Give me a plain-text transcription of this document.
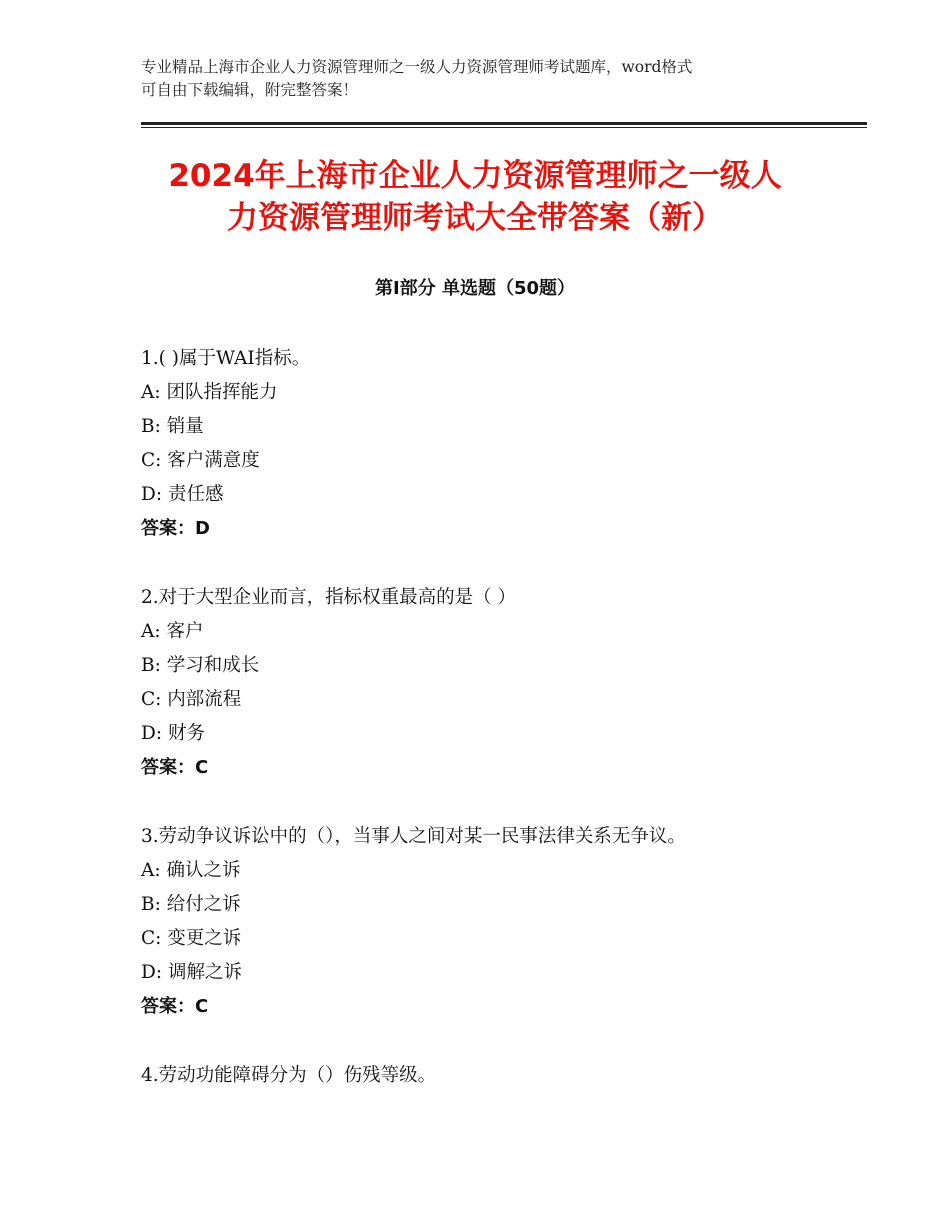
专业精品上海市企业人力资源管理师之一级人力资源管理师考试题库，word格式
可自由下载编辑，附完整答案！
2024年上海市企业人力资源管理师之一级人
力资源管理师考试大全带答案（新）
第Ⅰ部分 单选题（50题）
1.( )属于WAI指标。
A: 团队指挥能力
B: 销量
C: 客户满意度
D: 责任感
答案：D
2.对于大型企业而言，指标权重最高的是（ ）
A: 客户
B: 学习和成长
C: 内部流程
D: 财务
答案：C
3.劳动争议诉讼中的（），当事人之间对某一民事法律关系无争议。
A: 确认之诉
B: 给付之诉
C: 变更之诉
D: 调解之诉
答案：C
4.劳动功能障碍分为（）伤残等级。
